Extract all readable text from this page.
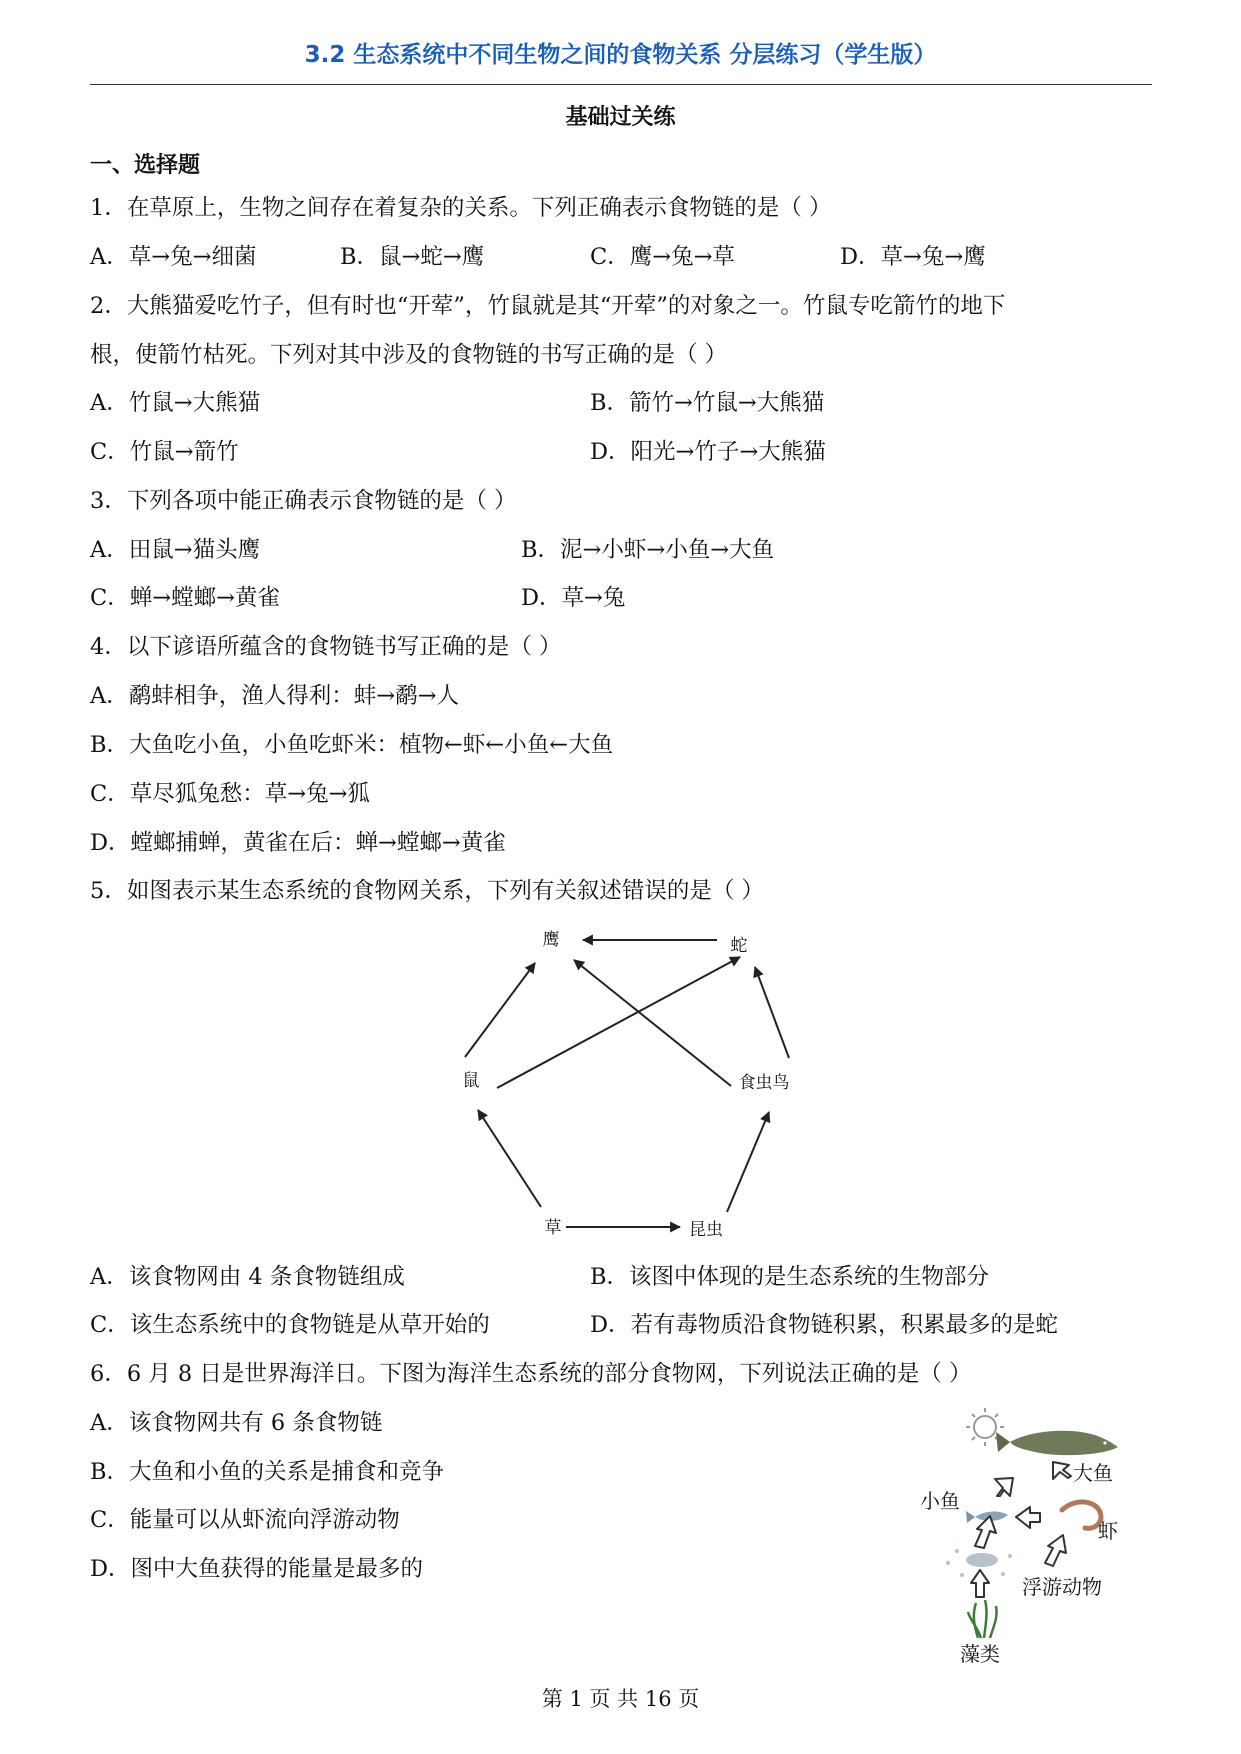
3.2 生态系统中不同生物之间的食物关系 分层练习（学生版）
基础过关练
一、选择题
1．在草原上，生物之间存在着复杂的关系。下列正确表示食物链的是（ ）
A．草→兔→细菌	B．鼠→蛇→鹰	C．鹰→兔→草	D．草→兔→鹰
2．大熊猫爱吃竹子，但有时也“开荤”，竹鼠就是其“开荤”的对象之一。竹鼠专吃箭竹的地下
根，使箭竹枯死。下列对其中涉及的食物链的书写正确的是（ ）
A．竹鼠→大熊猫	B．箭竹→竹鼠→大熊猫
C．竹鼠→箭竹	D．阳光→竹子→大熊猫
3．下列各项中能正确表示食物链的是（ ）
A．田鼠→猫头鹰	B．泥→小虾→小鱼→大鱼
C．蝉→螳螂→黄雀	D．草→兔
4．以下谚语所蕴含的食物链书写正确的是（ ）
A．鹬蚌相争，渔人得利：蚌→鹬→人
B．大鱼吃小鱼，小鱼吃虾米：植物←虾←小鱼←大鱼
C．草尽狐兔愁：草→兔→狐
D．螳螂捕蝉，黄雀在后：蝉→螳螂→黄雀
5．如图表示某生态系统的食物网关系，下列有关叙述错误的是（ ）
鹰	蛇
鼠	食虫鸟
草	昆虫
A．该食物网由 4 条食物链组成	B．该图中体现的是生态系统的生物部分
C．该生态系统中的食物链是从草开始的	D．若有毒物质沿食物链积累，积累最多的是蛇
6．6 月 8 日是世界海洋日。下图为海洋生态系统的部分食物网，下列说法正确的是（ ）
A．该食物网共有 6 条食物链
B．大鱼和小鱼的关系是捕食和竞争
C．能量可以从虾流向浮游动物
D．图中大鱼获得的能量是最多的
大鱼
小鱼
虾
浮游动物
藻类
第 1 页 共 16 页
